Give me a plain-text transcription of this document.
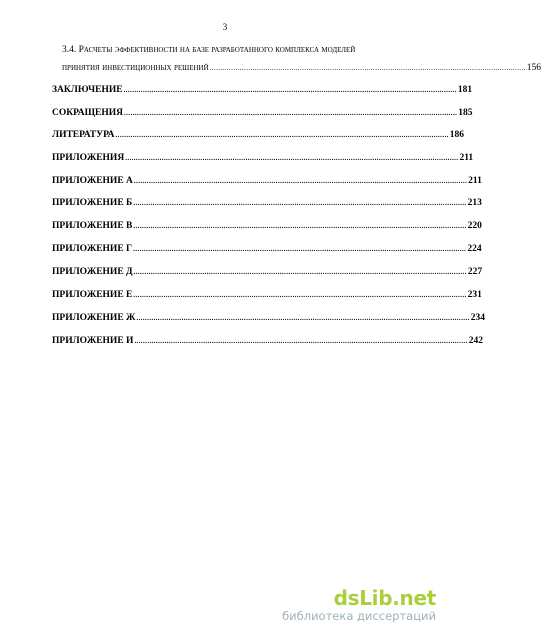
3
3.4. Расчеты эффективности на базе разработанного комплекса моделей
принятия инвестиционных решений ................................................................................................................................................... 156
ЗАКЛЮЧЕНИЕ ........................................................................................................................................................... 181
СОКРАЩЕНИЯ ........................................................................................................................................................... 185
ЛИТЕРАТУРА ........................................................................................................................................................... 186
ПРИЛОЖЕНИЯ ........................................................................................................................................................... 211
ПРИЛОЖЕНИЕ А ........................................................................................................................................................... 211
ПРИЛОЖЕНИЕ Б ........................................................................................................................................................... 213
ПРИЛОЖЕНИЕ В ........................................................................................................................................................... 220
ПРИЛОЖЕНИЕ Г ........................................................................................................................................................... 224
ПРИЛОЖЕНИЕ Д ........................................................................................................................................................... 227
ПРИЛОЖЕНИЕ Е ........................................................................................................................................................... 231
ПРИЛОЖЕНИЕ Ж ........................................................................................................................................................... 234
ПРИЛОЖЕНИЕ И ........................................................................................................................................................... 242
dsLib.net
библиотека диссертаций
